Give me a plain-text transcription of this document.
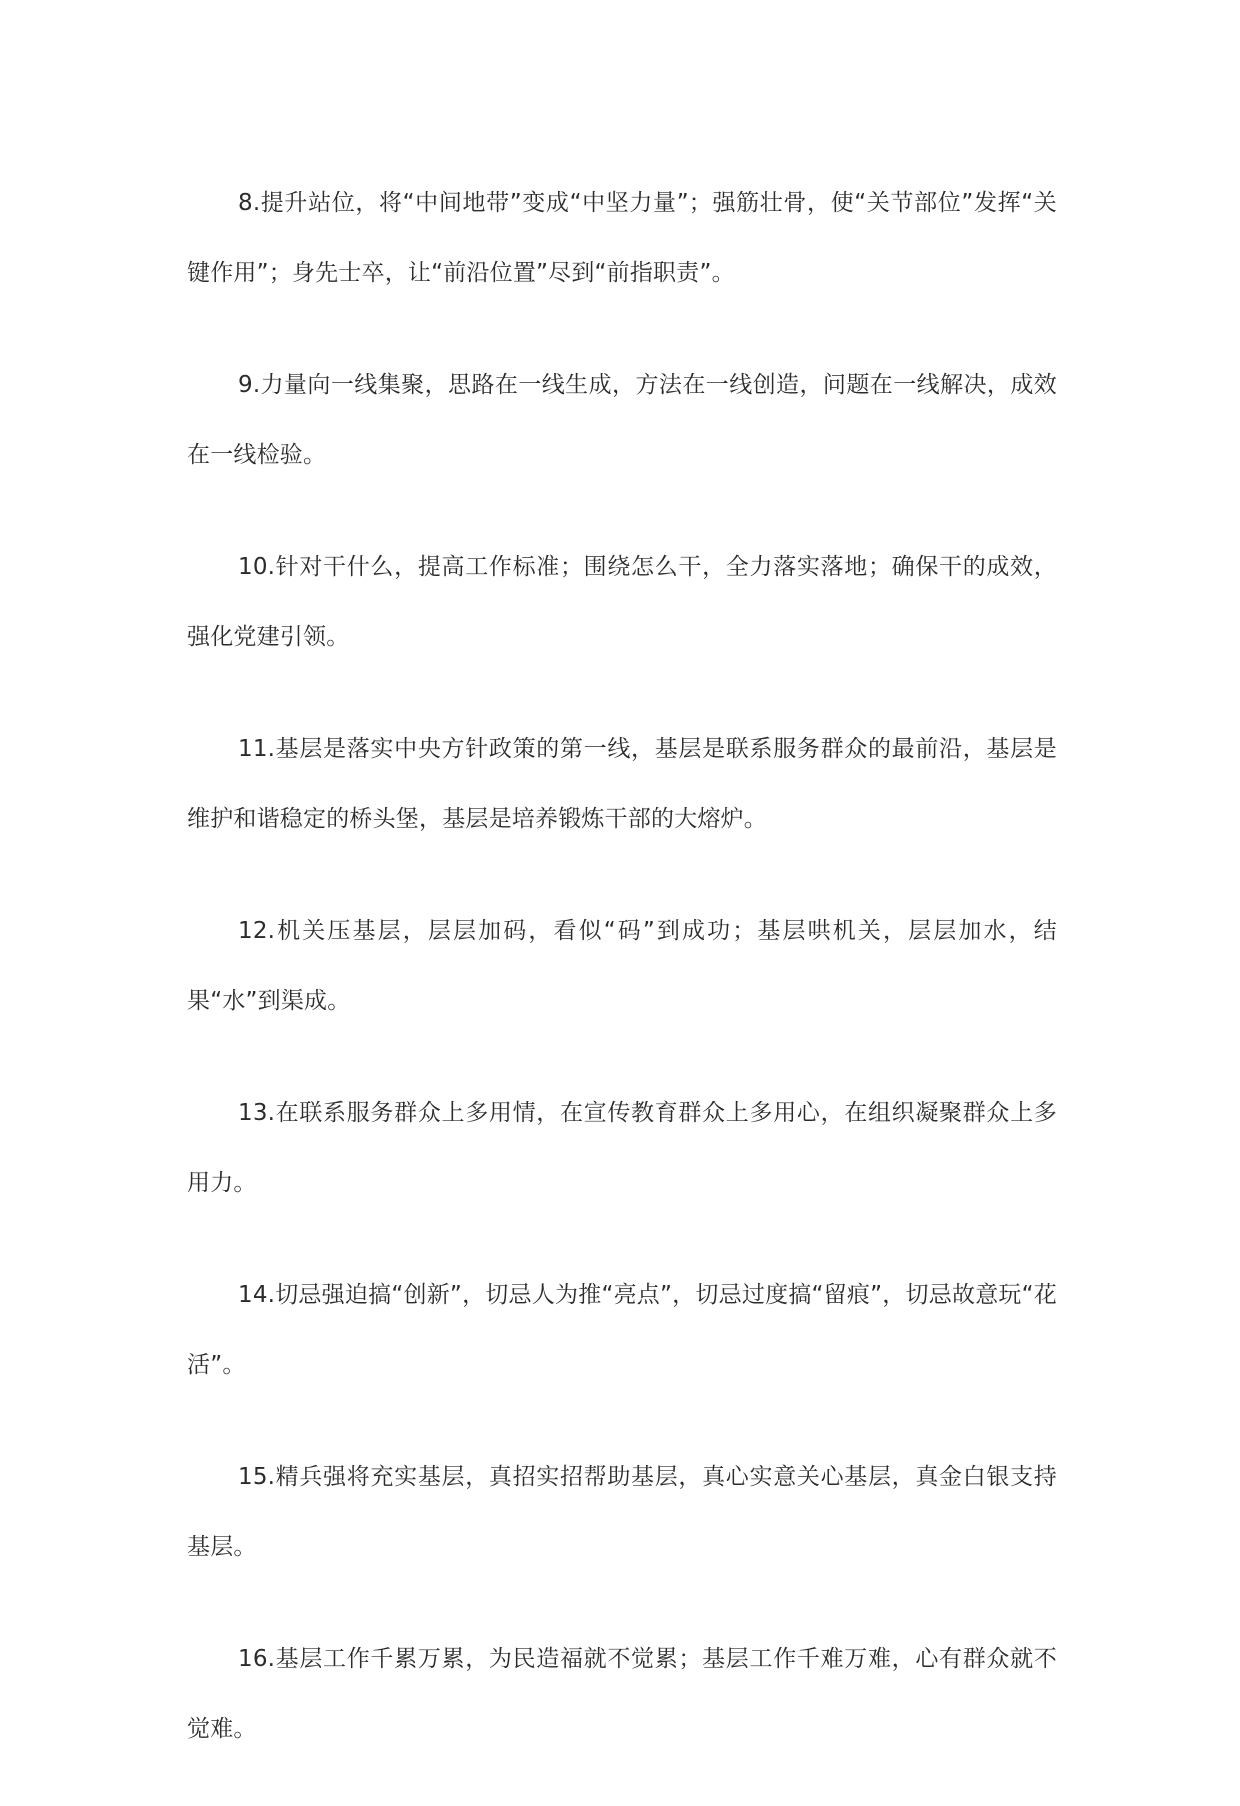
8.提升站位，将“中间地带”变成“中坚力量”；强筋壮骨，使“关节部位”发挥“关键作用”；身先士卒，让“前沿位置”尽到“前指职责”。

9.力量向一线集聚，思路在一线生成，方法在一线创造，问题在一线解决，成效在一线检验。

10.针对干什么，提高工作标准；围绕怎么干，全力落实落地；确保干的成效，强化党建引领。

11.基层是落实中央方针政策的第一线，基层是联系服务群众的最前沿，基层是维护和谐稳定的桥头堡，基层是培养锻炼干部的大熔炉。

12.机关压基层，层层加码，看似“码”到成功；基层哄机关，层层加水，结果“水”到渠成。

13.在联系服务群众上多用情，在宣传教育群众上多用心，在组织凝聚群众上多用力。

14.切忌强迫搞“创新”，切忌人为推“亮点”，切忌过度搞“留痕”，切忌故意玩“花活”。

15.精兵强将充实基层，真招实招帮助基层，真心实意关心基层，真金白银支持基层。

16.基层工作千累万累，为民造福就不觉累；基层工作千难万难，心有群众就不觉难。
